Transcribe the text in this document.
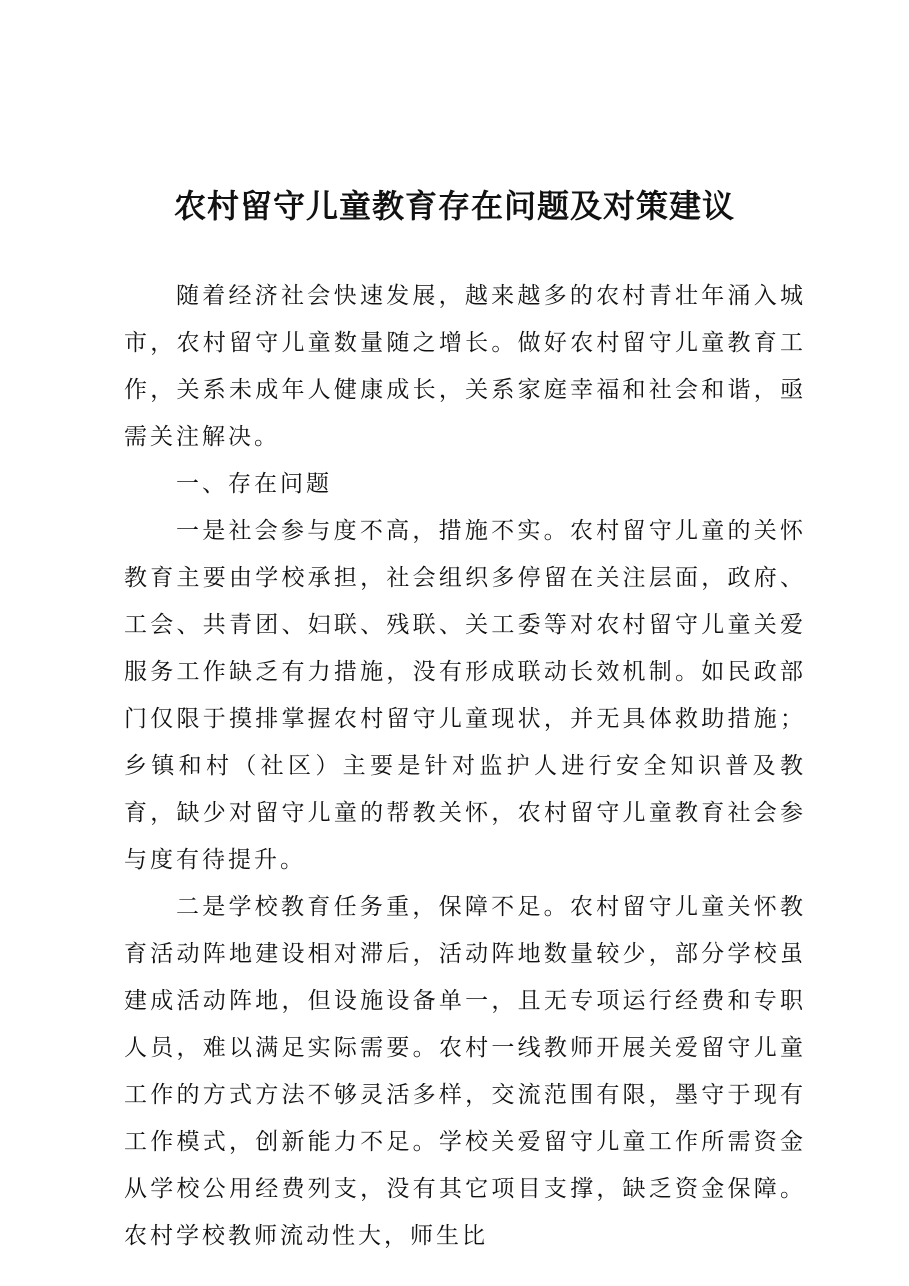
农村留守儿童教育存在问题及对策建议

随着经济社会快速发展，越来越多的农村青壮年涌入城市，农村留守儿童数量随之增长。做好农村留守儿童教育工作，关系未成年人健康成长，关系家庭幸福和社会和谐，亟需关注解决。

一、存在问题

一是社会参与度不高，措施不实。农村留守儿童的关怀教育主要由学校承担，社会组织多停留在关注层面，政府、工会、共青团、妇联、残联、关工委等对农村留守儿童关爱服务工作缺乏有力措施，没有形成联动长效机制。如民政部门仅限于摸排掌握农村留守儿童现状，并无具体救助措施；乡镇和村（社区）主要是针对监护人进行安全知识普及教育，缺少对留守儿童的帮教关怀，农村留守儿童教育社会参与度有待提升。

二是学校教育任务重，保障不足。农村留守儿童关怀教育活动阵地建设相对滞后，活动阵地数量较少，部分学校虽建成活动阵地，但设施设备单一，且无专项运行经费和专职人员，难以满足实际需要。农村一线教师开展关爱留守儿童工作的方式方法不够灵活多样，交流范围有限，墨守于现有工作模式，创新能力不足。学校关爱留守儿童工作所需资金从学校公用经费列支，没有其它项目支撑，缺乏资金保障。农村学校教师流动性大，师生比
